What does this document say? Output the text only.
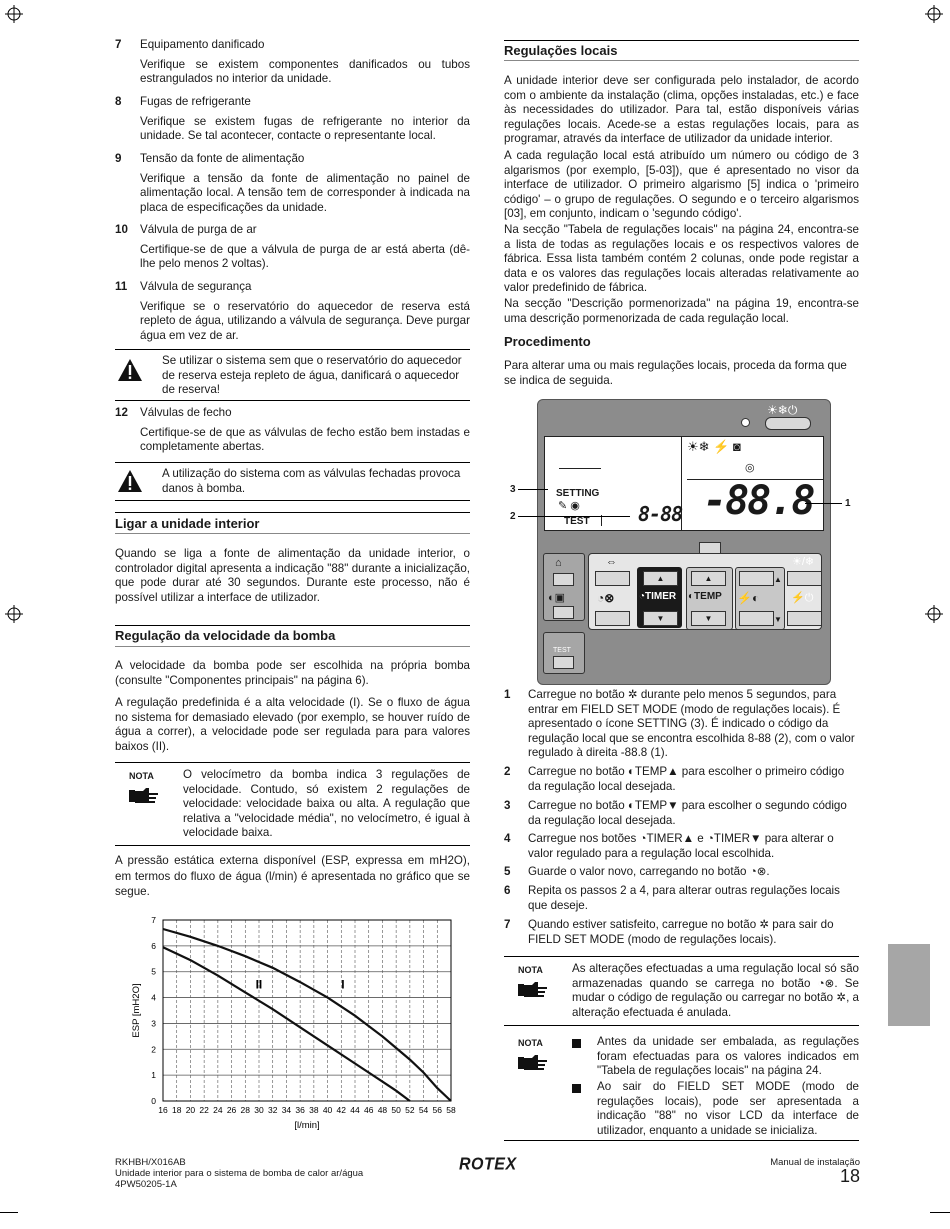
7	Equipamento danificado

Verifique se existem componentes danificados ou tubos estrangulados no interior da unidade.

8	Fugas de refrigerante

Verifique se existem fugas de refrigerante no interior da unidade. Se tal acontecer, contacte o representante local.

9	Tensão da fonte de alimentação

Verifique a tensão da fonte de alimentação no painel de alimentação local. A tensão tem de corresponder à indicada na placa de especificações da unidade.

10	Válvula de purga de ar

Certifique-se de que a válvula de purga de ar está aberta (dê-lhe pelo menos 2 voltas).

11	Válvula de segurança

Verifique se o reservatório do aquecedor de reserva está repleto de água, utilizando a válvula de segurança. Deve purgar água em vez de ar.

Se utilizar o sistema sem que o reservatório do aquecedor de reserva esteja repleto de água, danificará o aquecedor de reserva!

12	Válvulas de fecho

Certifique-se de que as válvulas de fecho estão bem instadas e completamente abertas.

A utilização do sistema com as válvulas fechadas provoca danos à bomba.

Ligar a unidade interior

Quando se liga a fonte de alimentação da unidade interior, o controlador digital apresenta a indicação "88" durante a inicialização, que pode durar até 30 segundos. Durante este processo, não é possível utilizar a interface de utilizador.

Regulação da velocidade da bomba

A velocidade da bomba pode ser escolhida na própria bomba (consulte "Componentes principais" na página 6).

A regulação predefinida é a alta velocidade (I). Se o fluxo de água no sistema for demasiado elevado (por exemplo, se houver ruído de água a correr), a velocidade pode ser regulada para para valores baixos (II).

NOTA	O velocímetro da bomba indica 3 regulações de velocidade. Contudo, só existem 2 regulações de velocidade: velocidade baixa ou alta. A regulação que relativa a "velocidade média", no velocímetro, é igual à velocidade baixa.

A pressão estática externa disponível (ESP, expressa em mH2O), em termos do fluxo de água (l/min) é apresentada no gráfico que se segue.

16 18 20 22 24 26 28 30 32 34 36 38 40 42 44 46 48 50 52 54 56 58
0
1
2
3
4
5
6
7
[l/min]
ESP [mH2O]	I
II
Regulações locais

A unidade interior deve ser configurada pelo instalador, de acordo com o ambiente da instalação (clima, opções instaladas, etc.) e face às necessidades do utilizador. Para tal, estão disponíveis várias regulações locais. Acede-se a estas regulações locais, para as programar, através da interface de utilizador da unidade interior.

A cada regulação local está atribuído um número ou código de 3 algarismos (por exemplo, [5-03]), que é apresentado no visor da interface de utilizador. O primeiro algarismo [5] indica o 'primeiro código' – o grupo de regulações. O segundo e o terceiro algarismos [03], em conjunto, indicam o 'segundo código'.

Na secção "Tabela de regulações locais" na página 24, encontra-se a lista de todas as regulações locais e os respectivos valores de fábrica. Essa lista também contém 2 colunas, onde pode registar a data e os valores das regulações locais alteradas relativamente ao valor predefinido de fábrica.

Na secção "Descrição pormenorizada" na página 19, encontra-se uma descrição pormenorizada de cada regulação local.

Procedimento

Para alterar uma ou mais regulações locais, proceda da forma que se indica de seguida.

☀❄⏻
☀❄ ⚡ ◙
◎
SETTING
✎ ◉
TEST 8-88 -88.8
⌂
◐▣
TEST
⇔
◔⊗
▲
◔TIMER
▼
▲
◐TEMP
▼
▲
⚡◐
▼
☀/❄
⚡⏻
3
2
1
1 Carregue no botão ✲ durante pelo menos 5 segundos, para entrar em FIELD SET MODE (modo de regulações locais). É apresentado o ícone SETTING (3). É indicado o código da regulação local que se encontra escolhida 8-88 (2), com o valor regulado à direita -88.8 (1).

2 Carregue no botão ◐TEMP▲ para escolher o primeiro código da regulação local desejada.

3 Carregue no botão ◐TEMP▼ para escolher o segundo código da regulação local desejada.

4 Carregue nos botões ◔TIMER▲ e ◔TIMER▼ para alterar o valor regulado para a regulação local escolhida.

5 Guarde o valor novo, carregando no botão ◔⊗.

6 Repita os passos 2 a 4, para alterar outras regulações locais que deseje.

7 Quando estiver satisfeito, carregue no botão ✲ para sair do FIELD SET MODE (modo de regulações locais).

NOTA	As alterações efectuadas a uma regulação local só são armazenadas quando se carrega no botão ◔⊗. Se mudar o código de regulação ou carregar no botão ✲, a alteração efectuada é anulada.

NOTA	Antes da unidade ser embalada, as regulações foram efectuadas para os valores indicados em "Tabela de regulações locais" na página 24.

Ao sair do FIELD SET MODE (modo de regulações locais), pode ser apresentada a indicação "88" no visor LCD da interface de utilizador, enquanto a unidade se inicializa.

RKHBH/X016AB
Unidade interior para o sistema de bomba de calor ar/água
4PW50205-1A
ROTEX	Manual de instalação
18
